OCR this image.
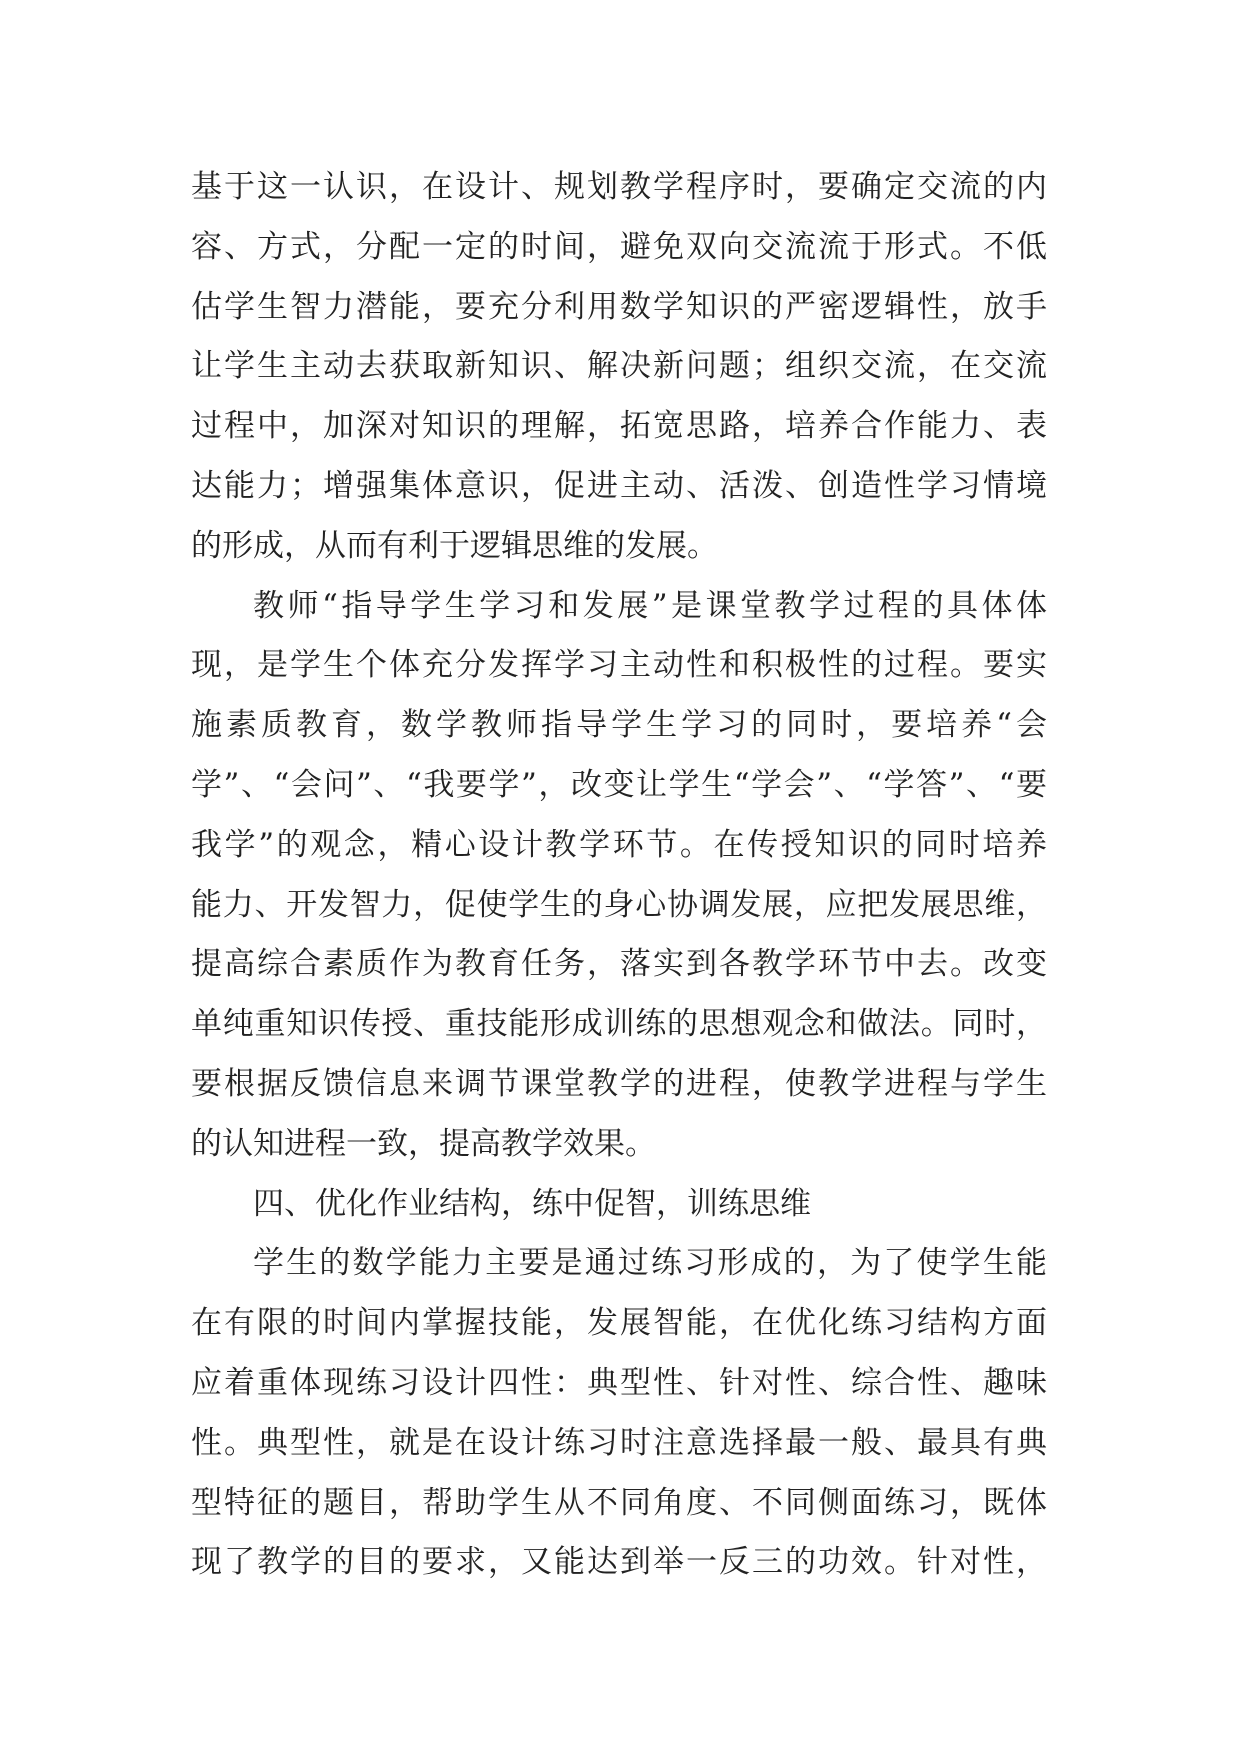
基于这一认识，在设计、规划教学程序时，要确定交流的内
容、方式，分配一定的时间，避免双向交流流于形式。不低
估学生智力潜能，要充分利用数学知识的严密逻辑性，放手
让学生主动去获取新知识、解决新问题；组织交流，在交流
过程中，加深对知识的理解，拓宽思路，培养合作能力、表
达能力；增强集体意识，促进主动、活泼、创造性学习情境
的形成，从而有利于逻辑思维的发展。
教师“指导学生学习和发展”是课堂教学过程的具体体
现，是学生个体充分发挥学习主动性和积极性的过程。要实
施素质教育，数学教师指导学生学习的同时，要培养“会
学”、“会问”、“我要学”，改变让学生“学会”、“学答”、“要
我学”的观念，精心设计教学环节。在传授知识的同时培养
能力、开发智力，促使学生的身心协调发展，应把发展思维，
提高综合素质作为教育任务，落实到各教学环节中去。改变
单纯重知识传授、重技能形成训练的思想观念和做法。同时，
要根据反馈信息来调节课堂教学的进程，使教学进程与学生
的认知进程一致，提高教学效果。
四、优化作业结构，练中促智，训练思维
学生的数学能力主要是通过练习形成的，为了使学生能
在有限的时间内掌握技能，发展智能，在优化练习结构方面
应着重体现练习设计四性：典型性、针对性、综合性、趣味
性。典型性，就是在设计练习时注意选择最一般、最具有典
型特征的题目，帮助学生从不同角度、不同侧面练习，既体
现了教学的目的要求，又能达到举一反三的功效。针对性，
